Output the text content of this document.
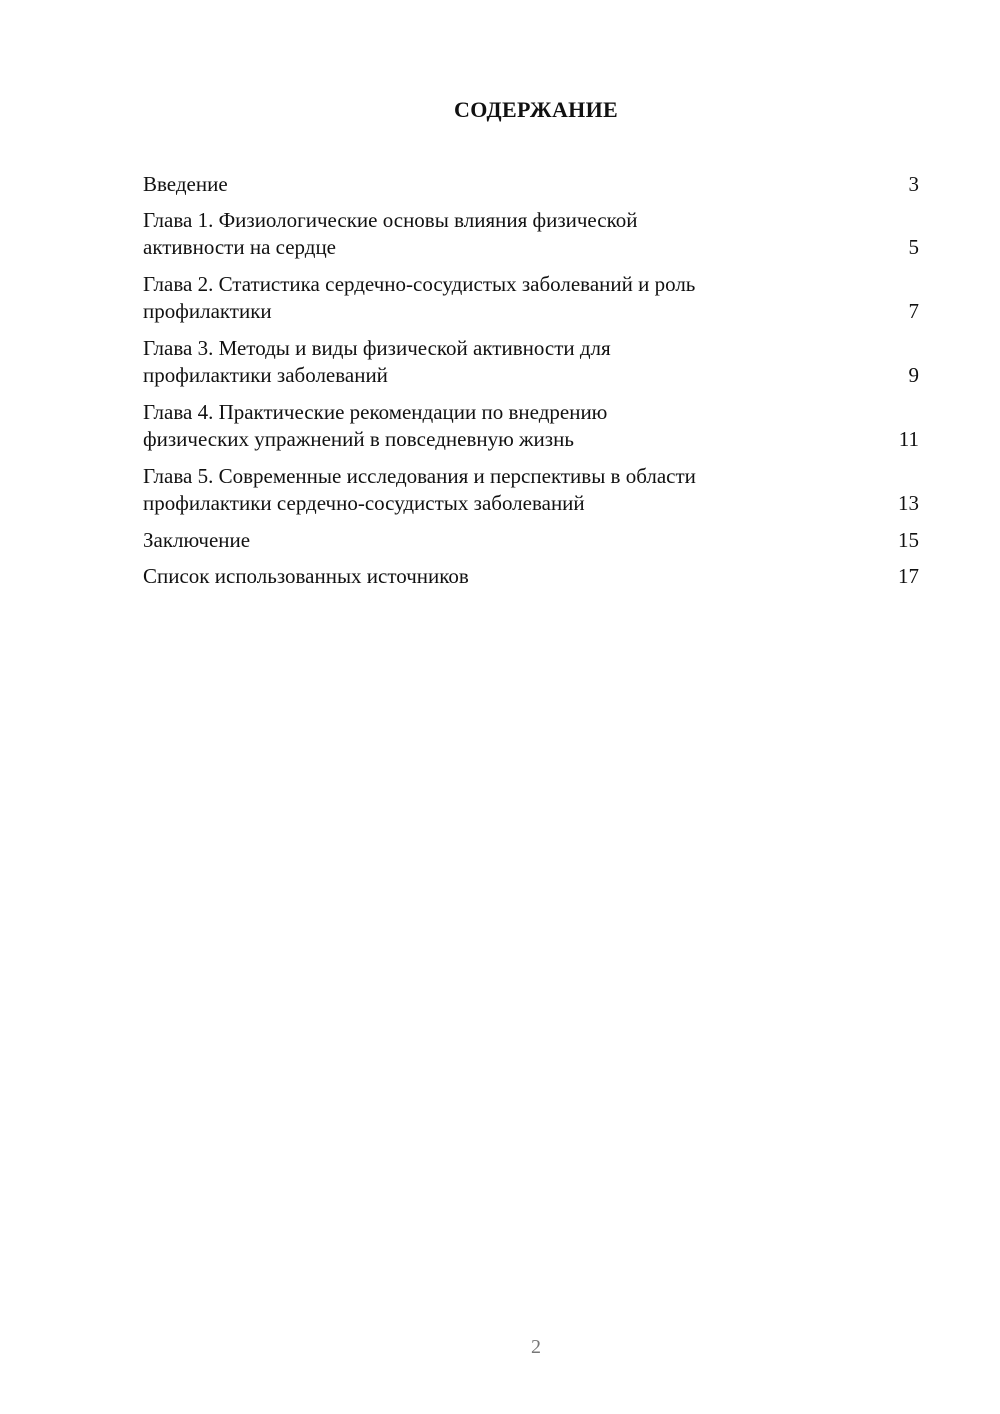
СОДЕРЖАНИЕ
Введение	3
Глава 1. Физиологические основы влияния физической
активности на сердце	5
Глава 2. Статистика сердечно-сосудистых заболеваний и роль
профилактики	7
Глава 3. Методы и виды физической активности для
профилактики заболеваний	9
Глава 4. Практические рекомендации по внедрению
физических упражнений в повседневную жизнь	11
Глава 5. Современные исследования и перспективы в области
профилактики сердечно-сосудистых заболеваний	13
Заключение	15
Список использованных источников	17
2
